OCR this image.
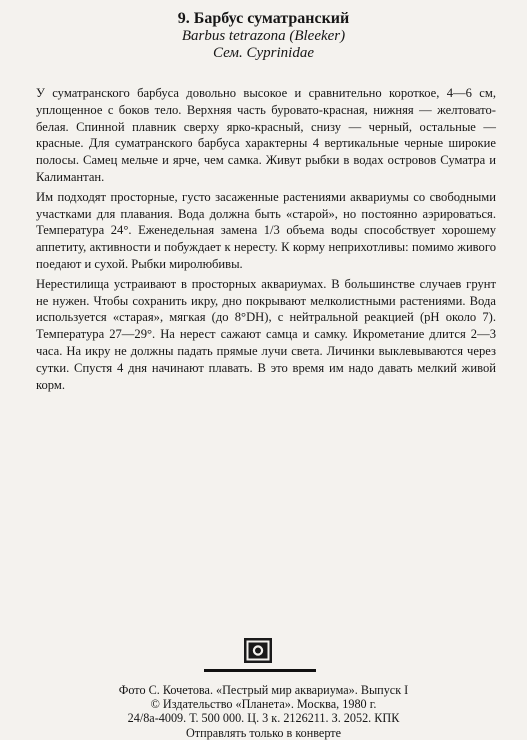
9. Барбус суматранский
Barbus tetrazona (Bleeker)
Сем. Cyprinidae

У суматранского барбуса довольно высокое и сравнительно короткое, 4—6 см, уплощенное с боков тело. Верхняя часть буровато-красная, нижняя — желтовато-белая. Спинной плавник сверху ярко-красный, снизу — черный, остальные — красные. Для суматранского барбуса характерны 4 вертикальные черные широкие полосы. Самец мельче и ярче, чем самка. Живут рыбки в водах островов Суматра и Калимантан.

Им подходят просторные, густо засаженные растениями аквариумы со свободными участками для плавания. Вода должна быть «старой», но постоянно аэрироваться. Температура 24°. Еженедельная замена 1/3 объема воды способствует хорошему аппетиту, активности и побуждает к нересту. К корму неприхотливы: помимо живого поедают и сухой. Рыбки миролюбивы.

Нерестилища устраивают в просторных аквариумах. В большинстве случаев грунт не нужен. Чтобы сохранить икру, дно покрывают мелколистными растениями. Вода используется «старая», мягкая (до 8°DH), с нейтральной реакцией (pH около 7). Температура 27—29°. На нерест сажают самца и самку. Икрометание длится 2—3 часа. На икру не должны падать прямые лучи света. Личинки выклевываются через сутки. Спустя 4 дня начинают плавать. В это время им надо давать мелкий живой корм.

Фото С. Кочетова. «Пестрый мир аквариума». Выпуск I
© Издательство «Планета». Москва, 1980 г.
24/8а-4009. Т. 500 000. Ц. 3 к. 2126211. З. 2052. КПК
Отправлять только в конверте
